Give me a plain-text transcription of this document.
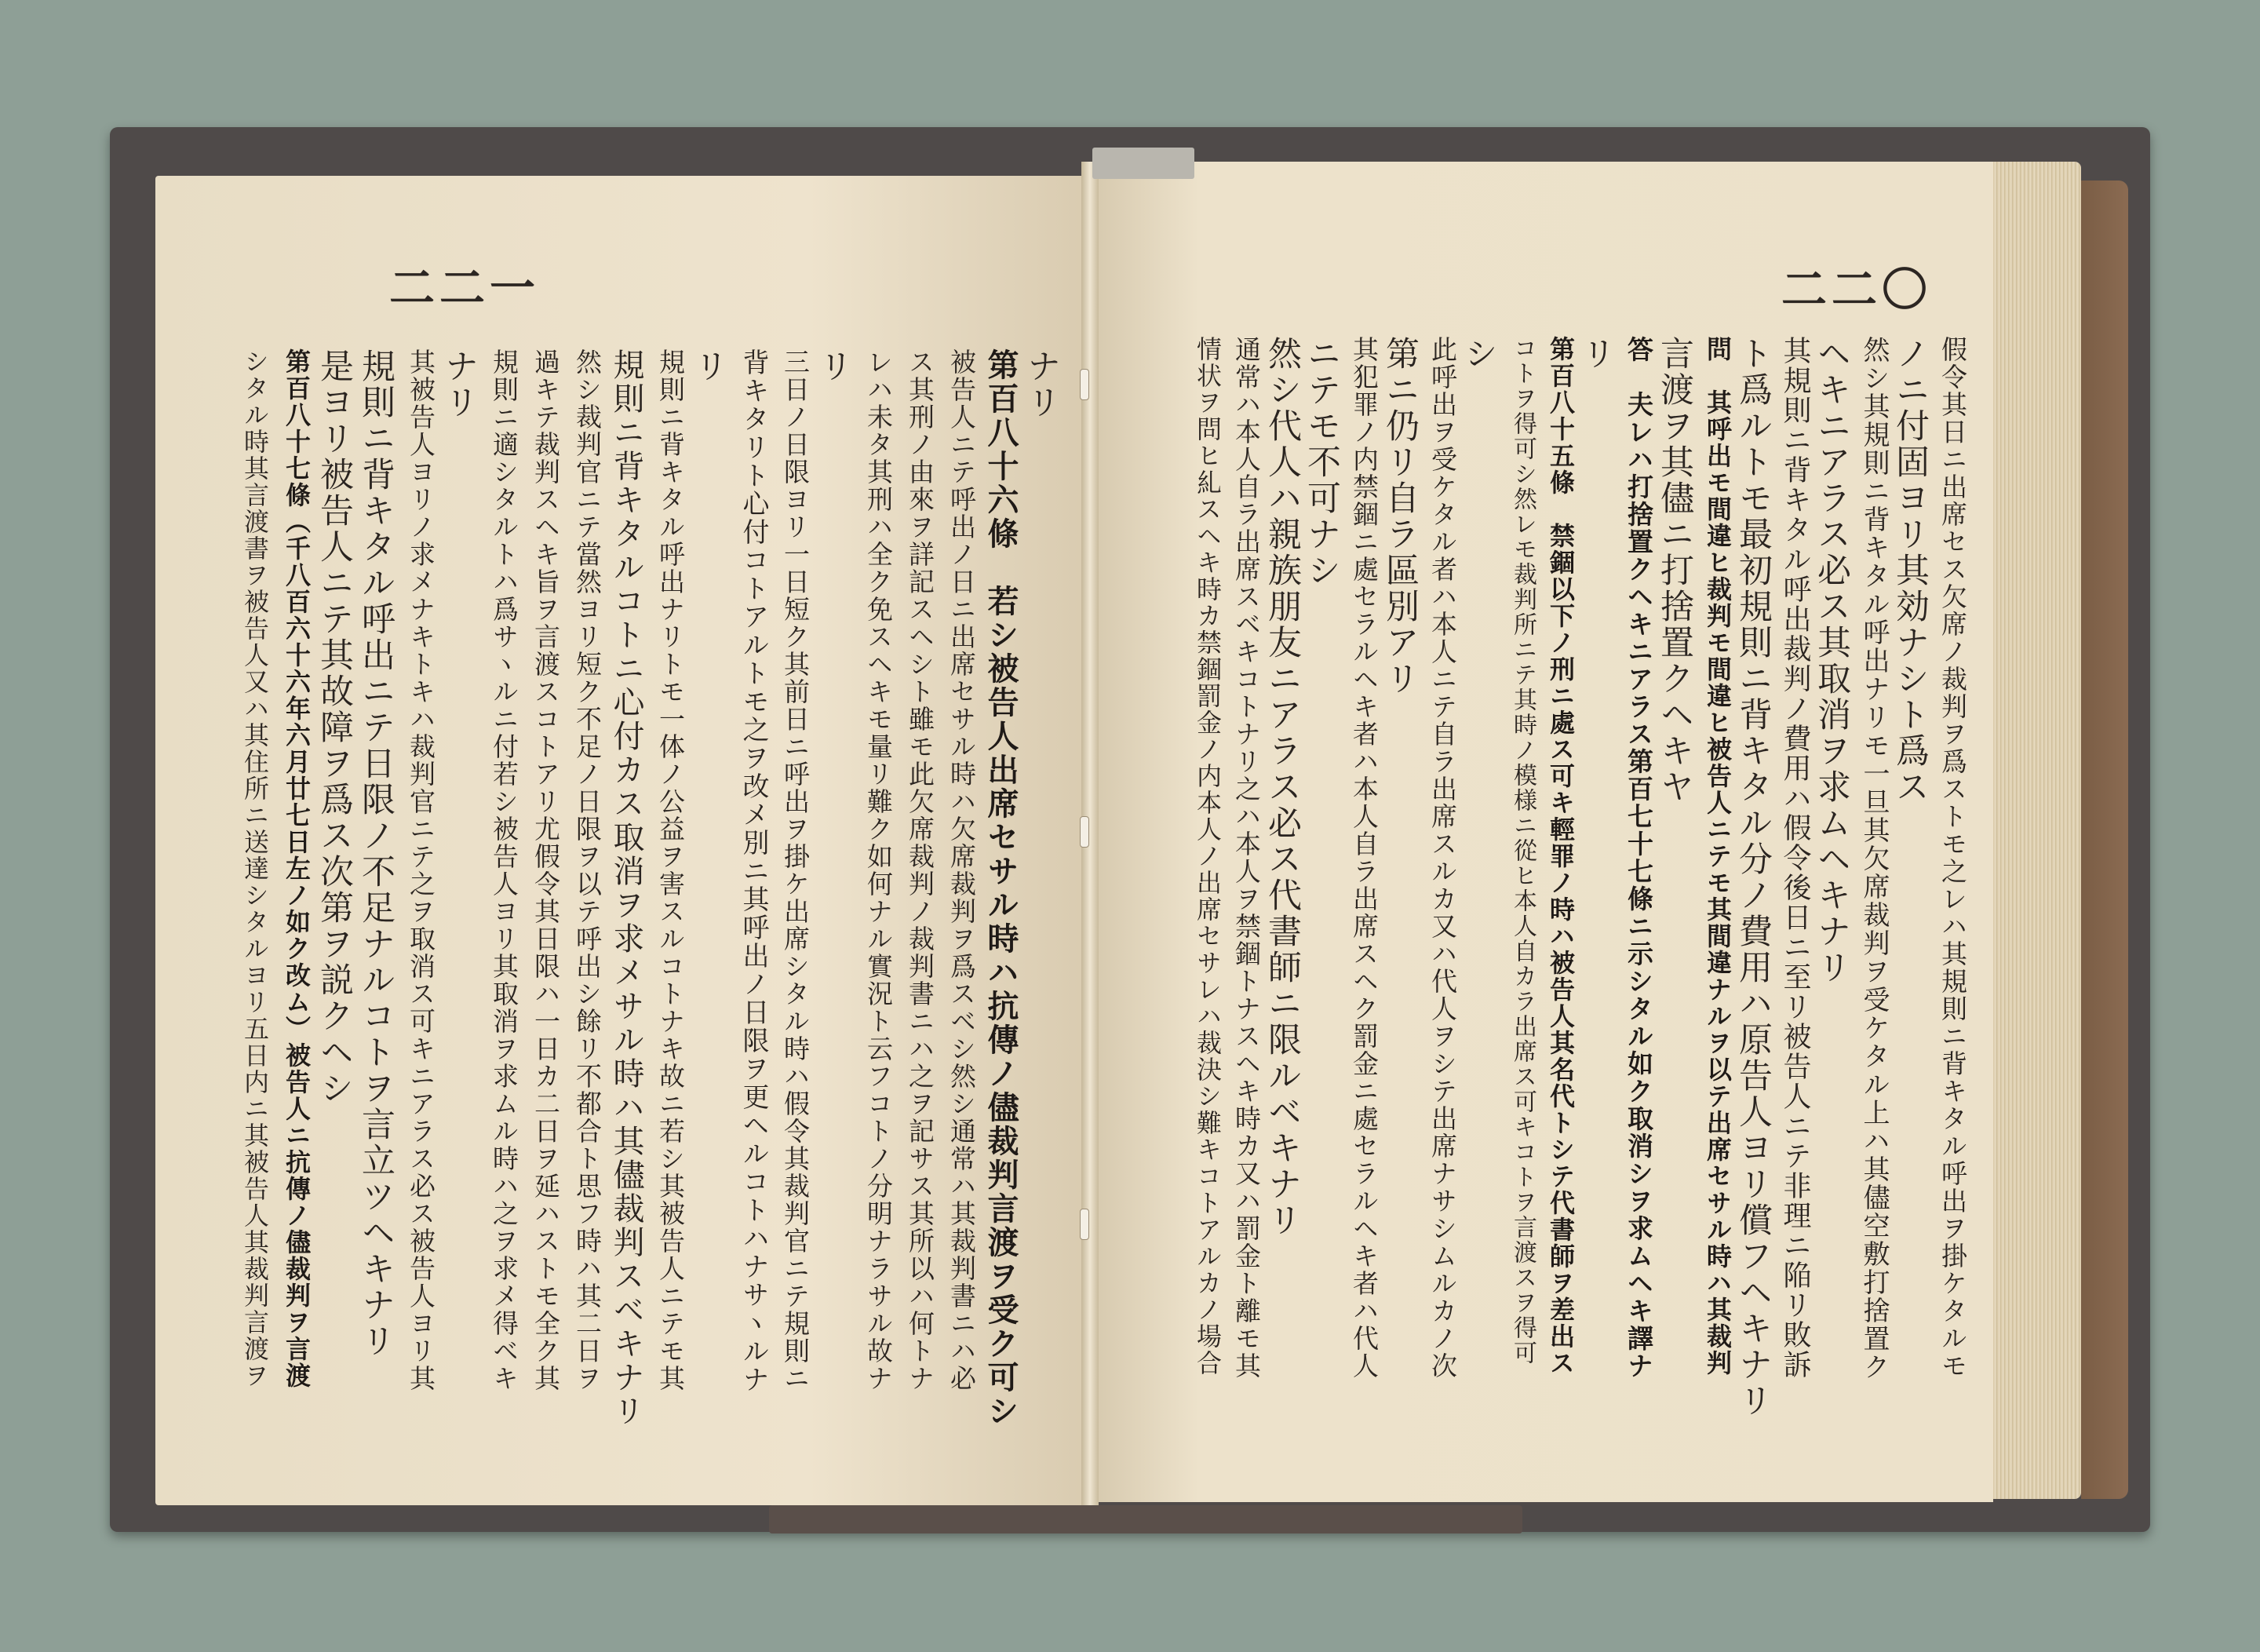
二二一
ナリ
第百八十六條　若シ被告人出席セサル時ハ抗傳ノ儘裁判言渡ヲ受ク可シ
被告人ニテ呼出ノ日ニ出席セサル時ハ欠席裁判ヲ爲スベシ然シ通常ハ其裁判書ニハ必
ス其刑ノ由來ヲ詳記スヘシト雖モ此欠席裁判ノ裁判書ニハ之ヲ記サス其所以ハ何トナ
レハ未タ其刑ハ全ク免スヘキモ量リ難ク如何ナル實況ト云フコトノ分明ナラサル故ナ
リ
三日ノ日限ヨリ一日短ク其前日ニ呼出ヲ掛ケ出席シタル時ハ假令其裁判官ニテ規則ニ
背キタリト心付コトアルトモ之ヲ改メ別ニ其呼出ノ日限ヲ更ヘルコトハナサヽルナ
リ
規則ニ背キタル呼出ナリトモ一体ノ公益ヲ害スルコトナキ故ニ若シ其被告人ニテモ其
規則ニ背キタルコトニ心付カス取消ヲ求メサル時ハ其儘裁判スベキナリ
然シ裁判官ニテ當然ヨリ短ク不足ノ日限ヲ以テ呼出シ餘リ不都合ト思フ時ハ其二日ヲ
過キテ裁判スヘキ旨ヲ言渡スコトアリ尤假令其日限ハ一日カ二日ヲ延ハストモ全ク其
規則ニ適シタルトハ爲サヽルニ付若シ被告人ヨリ其取消ヲ求ムル時ハ之ヲ求メ得ベキ
ナリ
其被告人ヨリノ求メナキトキハ裁判官ニテ之ヲ取消ス可キニアラス必ス被告人ヨリ其
規則ニ背キタル呼出ニテ日限ノ不足ナルコトヲ言立ツヘキナリ
是ヨリ被告人ニテ其故障ヲ爲ス次第ヲ説クヘシ
第百八十七條（千八百六十六年六月廿七日左ノ如ク改ム）被告人ニ抗傳ノ儘裁判ヲ言渡
シタル時其言渡書ヲ被告人又ハ其住所ニ送達シタルヨリ五日内ニ其被告人其裁判言渡ヲ
二二〇
假令其日ニ出席セス欠席ノ裁判ヲ爲ストモ之レハ其規則ニ背キタル呼出ヲ掛ケタルモ
ノニ付固ヨリ其効ナシト爲ス
然シ其規則ニ背キタル呼出ナリモ一旦其欠席裁判ヲ受ケタル上ハ其儘空敷打捨置ク
ヘキニアラス必ス其取消ヲ求ムヘキナリ
其規則ニ背キタル呼出裁判ノ費用ハ假令後日ニ至リ被告人ニテ非理ニ陥リ敗訴
ト爲ルトモ最初規則ニ背キタル分ノ費用ハ原告人ヨリ償フヘキナリ
問　其呼出モ間違ヒ裁判モ間違ヒ被告人ニテモ其間違ナルヲ以テ出席セサル時ハ其裁判
言渡ヲ其儘ニ打捨置クヘキヤ
答　夫レハ打捨置クヘキニアラス第百七十七條ニ示シタル如ク取消シヲ求ムヘキ譯ナ
リ
第百八十五條　禁錮以下ノ刑ニ處ス可キ輕罪ノ時ハ被告人其名代トシテ代書師ヲ差出ス
コトヲ得可シ然レモ裁判所ニテ其時ノ模様ニ從ヒ本人自カラ出席ス可キコトヲ言渡スヲ得可
シ
此呼出ヲ受ケタル者ハ本人ニテ自ラ出席スルカ又ハ代人ヲシテ出席ナサシムルカノ次
第ニ仍リ自ラ區別アリ
其犯罪ノ内禁錮ニ處セラルヘキ者ハ本人自ラ出席スヘク罰金ニ處セラルヘキ者ハ代人
ニテモ不可ナシ
然シ代人ハ親族朋友ニアラス必ス代書師ニ限ルベキナリ
通常ハ本人自ラ出席スベキコトナリ之ハ本人ヲ禁錮トナスヘキ時カ又ハ罰金ト離モ其
情状ヲ問ヒ糺スヘキ時カ禁錮罰金ノ内本人ノ出席セサレハ裁決シ難キコトアルカノ場合
